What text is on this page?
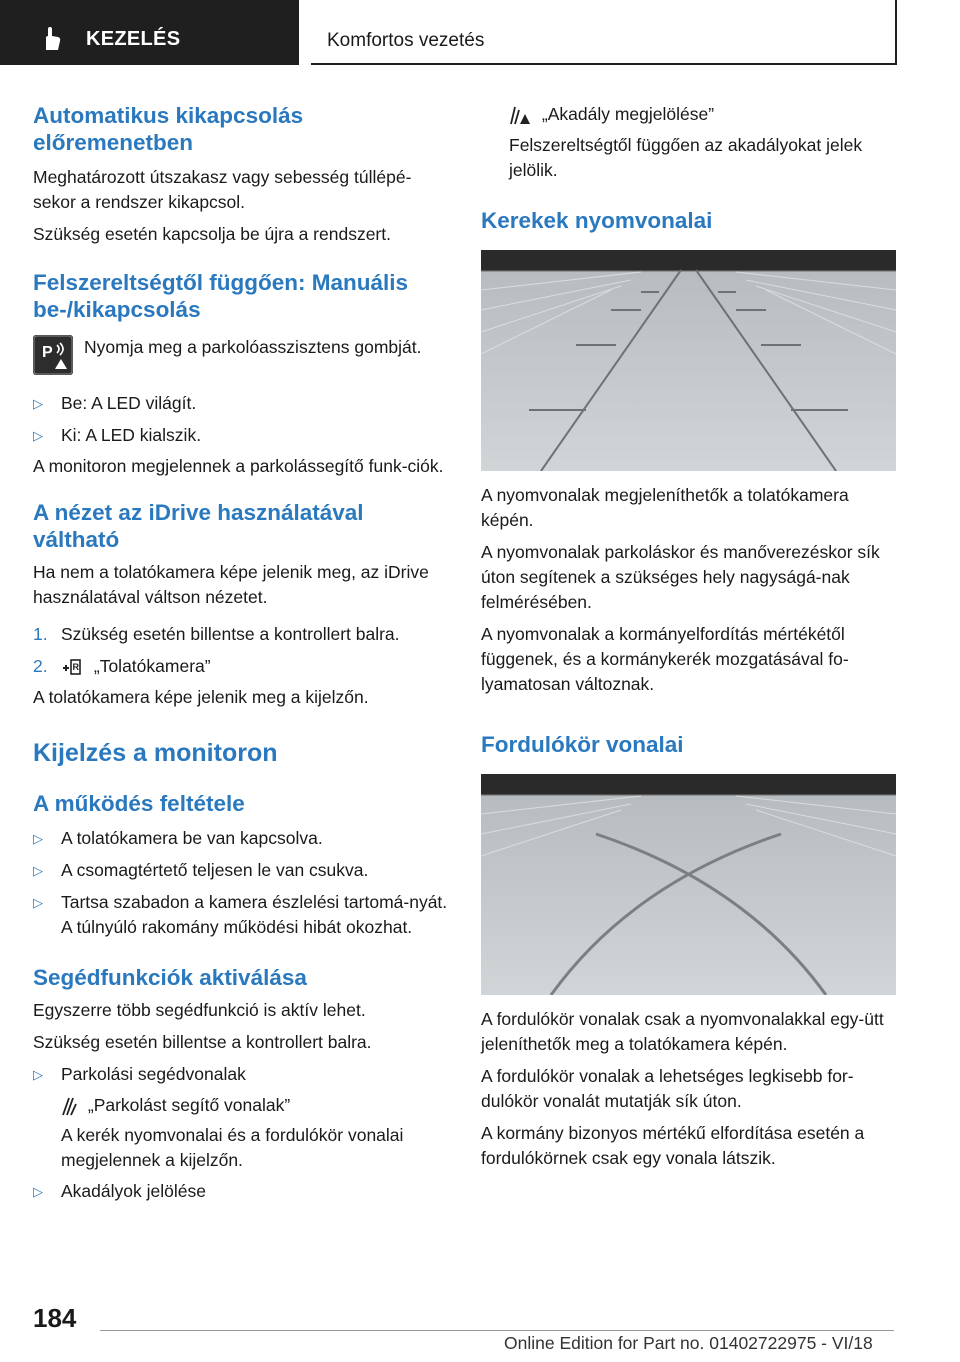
KEZELÉS	Komfortos vezetés
Automatikus kikapcsolás előremenetben

Meghatározott útszakasz vagy sebesség túllépé-sekor a rendszer kikapcsol.

Szükség esetén kapcsolja be újra a rendszert.

Felszereltségtől függően: Manuális be-/kikapcsolás
P Nyomja meg a parkolóasszisztens gombját.

▷ Be: A LED világít.
▷ Ki: A LED kialszik.

A monitoron megjelennek a parkolássegítő funk-ciók.

A nézet az iDrive használatával váltható

Ha nem a tolatókamera képe jelenik meg, az iDrive használatával váltson nézetet.

1. Szükség esetén billentse a kontrollert balra.
2.	R „Tolatókamera”

A tolatókamera képe jelenik meg a kijelzőn.

Kijelzés a monitoron
A működés feltétele
▷ A tolatókamera be van kapcsolva.
▷ A csomagtértető teljesen le van csukva.
▷ Tartsa szabadon a kamera észlelési tartomá-nyát. A túlnyúló rakomány működési hibát okozhat.
Segédfunkciók aktiválása

Egyszerre több segédfunkció is aktív lehet.

Szükség esetén billentse a kontrollert balra.

▷ Parkolási segédvonalak
„Parkolást segítő vonalak”

A kerék nyomvonalai és a fordulókör vonalai megjelennek a kijelzőn.

▷ Akadályok jelölése
„Akadály megjelölése”

Felszereltségtől függően az akadályokat jelek jelölik.

Kerekek nyomvonalai

A nyomvonalak megjeleníthetők a tolatókamera képén.

A nyomvonalak parkoláskor és manőverezéskor sík úton segítenek a szükséges hely nagyságá-nak felmérésében.

A nyomvonalak a kormányelfordítás mértékétől függenek, és a kormánykerék mozgatásával fo-lyamatosan változnak.

Fordulókör vonalai

A fordulókör vonalak csak a nyomvonalakkal egy-ütt jeleníthetők meg a tolatókamera képén.

A fordulókör vonalak a lehetséges legkisebb for-dulókör vonalát mutatják sík úton.

A kormány bizonyos mértékű elfordítása esetén a fordulókörnek csak egy vonala látszik.

184
Online Edition for Part no. 01402722975 - VI/18
